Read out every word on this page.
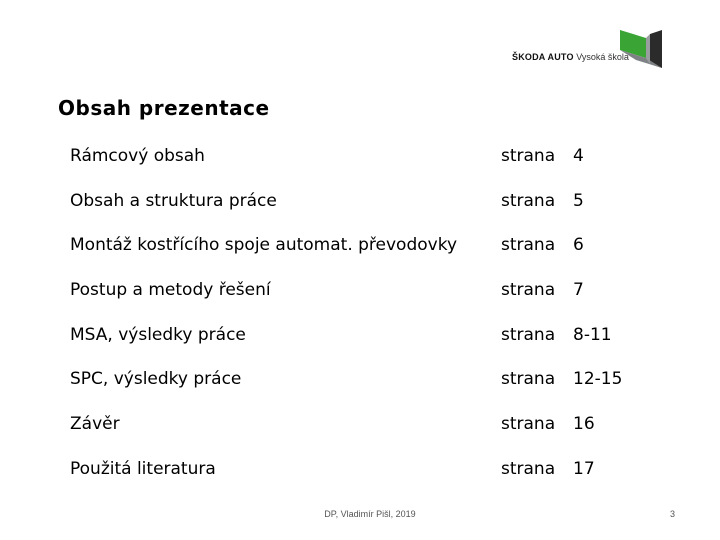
ŠKODA AUTO Vysoká škola
Obsah prezentace
Rámcový obsah	strana 4
Obsah a struktura práce	strana 5
Montáž kostřícího spoje automat. převodovky	strana 6
Postup a metody řešení	strana 7
MSA, výsledky práce	strana 8-11
SPC, výsledky práce	strana 12-15
Závěr	strana 16
Použitá literatura	strana 17
DP, Vladimír Pišl, 2019	3
